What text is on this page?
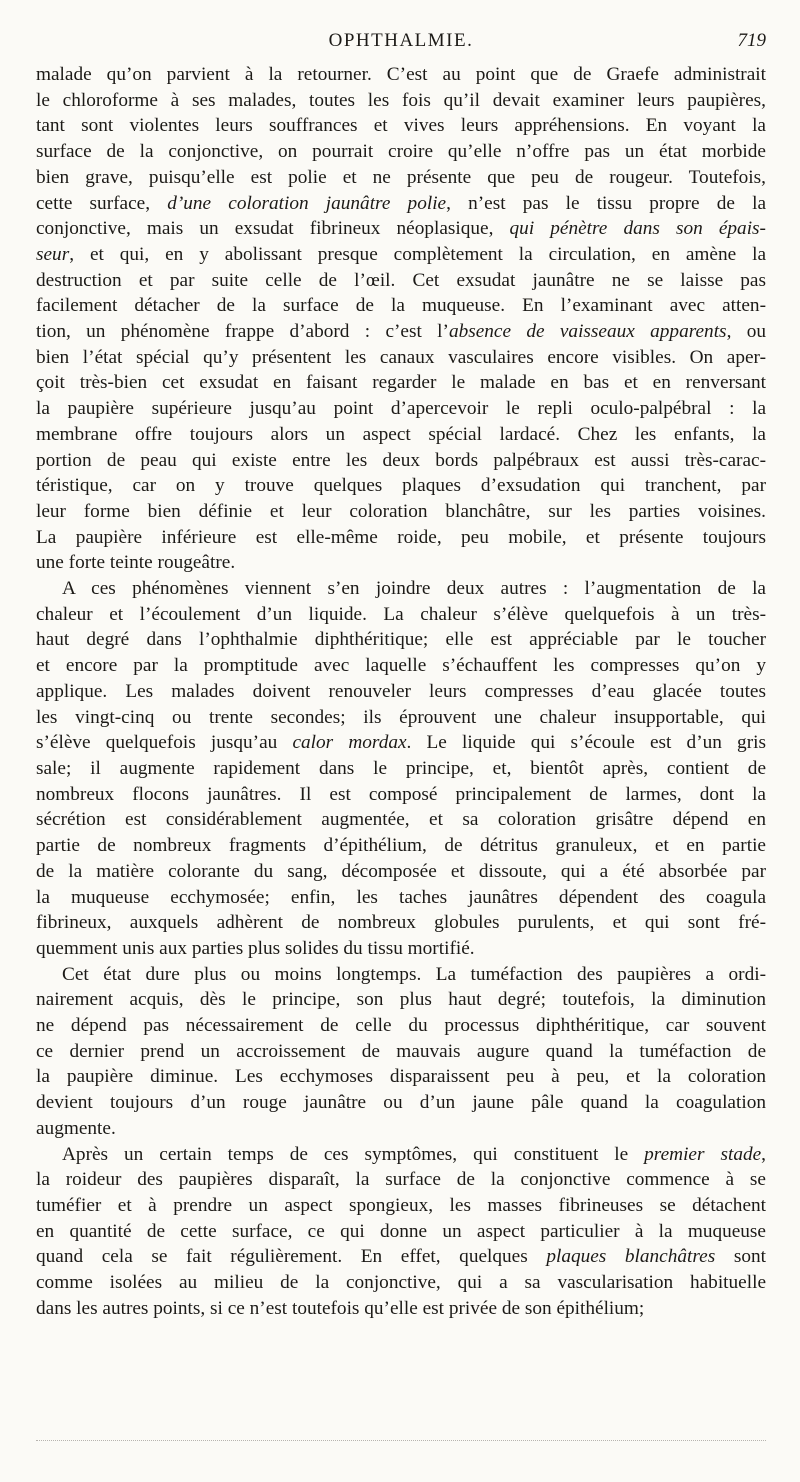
OPHTHALMIE.	719

malade qu’on parvient à la retourner. C’est au point que de Graefe administrait
le chloroforme à ses malades, toutes les fois qu’il devait examiner leurs paupières,
tant sont violentes leurs souffrances et vives leurs appréhensions. En voyant la
surface de la conjonctive, on pourrait croire qu’elle n’offre pas un état morbide
bien grave, puisqu’elle est polie et ne présente que peu de rougeur. Toutefois,
cette surface, d’une coloration jaunâtre polie, n’est pas le tissu propre de la
conjonctive, mais un exsudat fibrineux néoplasique, qui pénètre dans son épais-
seur, et qui, en y abolissant presque complètement la circulation, en amène la
destruction et par suite celle de l’œil. Cet exsudat jaunâtre ne se laisse pas
facilement détacher de la surface de la muqueuse. En l’examinant avec atten-
tion, un phénomène frappe d’abord : c’est l’absence de vaisseaux apparents, ou
bien l’état spécial qu’y présentent les canaux vasculaires encore visibles. On aper-
çoit très-bien cet exsudat en faisant regarder le malade en bas et en renversant
la paupière supérieure jusqu’au point d’apercevoir le repli oculo-palpébral : la
membrane offre toujours alors un aspect spécial lardacé. Chez les enfants, la
portion de peau qui existe entre les deux bords palpébraux est aussi très-carac-
téristique, car on y trouve quelques plaques d’exsudation qui tranchent, par
leur forme bien définie et leur coloration blanchâtre, sur les parties voisines.
La paupière inférieure est elle-même roide, peu mobile, et présente toujours
une forte teinte rougeâtre.

A ces phénomènes viennent s’en joindre deux autres : l’augmentation de la
chaleur et l’écoulement d’un liquide. La chaleur s’élève quelquefois à un très-
haut degré dans l’ophthalmie diphthéritique; elle est appréciable par le toucher
et encore par la promptitude avec laquelle s’échauffent les compresses qu’on y
applique. Les malades doivent renouveler leurs compresses d’eau glacée toutes
les vingt-cinq ou trente secondes; ils éprouvent une chaleur insupportable, qui
s’élève quelquefois jusqu’au calor mordax. Le liquide qui s’écoule est d’un gris
sale; il augmente rapidement dans le principe, et, bientôt après, contient de
nombreux flocons jaunâtres. Il est composé principalement de larmes, dont la
sécrétion est considérablement augmentée, et sa coloration grisâtre dépend en
partie de nombreux fragments d’épithélium, de détritus granuleux, et en partie
de la matière colorante du sang, décomposée et dissoute, qui a été absorbée par
la muqueuse ecchymosée; enfin, les taches jaunâtres dépendent des coagula
fibrineux, auxquels adhèrent de nombreux globules purulents, et qui sont fré-
quemment unis aux parties plus solides du tissu mortifié.

Cet état dure plus ou moins longtemps. La tuméfaction des paupières a ordi-
nairement acquis, dès le principe, son plus haut degré; toutefois, la diminution
ne dépend pas nécessairement de celle du processus diphthéritique, car souvent
ce dernier prend un accroissement de mauvais augure quand la tuméfaction de
la paupière diminue. Les ecchymoses disparaissent peu à peu, et la coloration
devient toujours d’un rouge jaunâtre ou d’un jaune pâle quand la coagulation
augmente.

Après un certain temps de ces symptômes, qui constituent le premier stade,
la roideur des paupières disparaît, la surface de la conjonctive commence à se
tuméfier et à prendre un aspect spongieux, les masses fibrineuses se détachent
en quantité de cette surface, ce qui donne un aspect particulier à la muqueuse
quand cela se fait régulièrement. En effet, quelques plaques blanchâtres sont
comme isolées au milieu de la conjonctive, qui a sa vascularisation habituelle
dans les autres points, si ce n’est toutefois qu’elle est privée de son épithélium;
